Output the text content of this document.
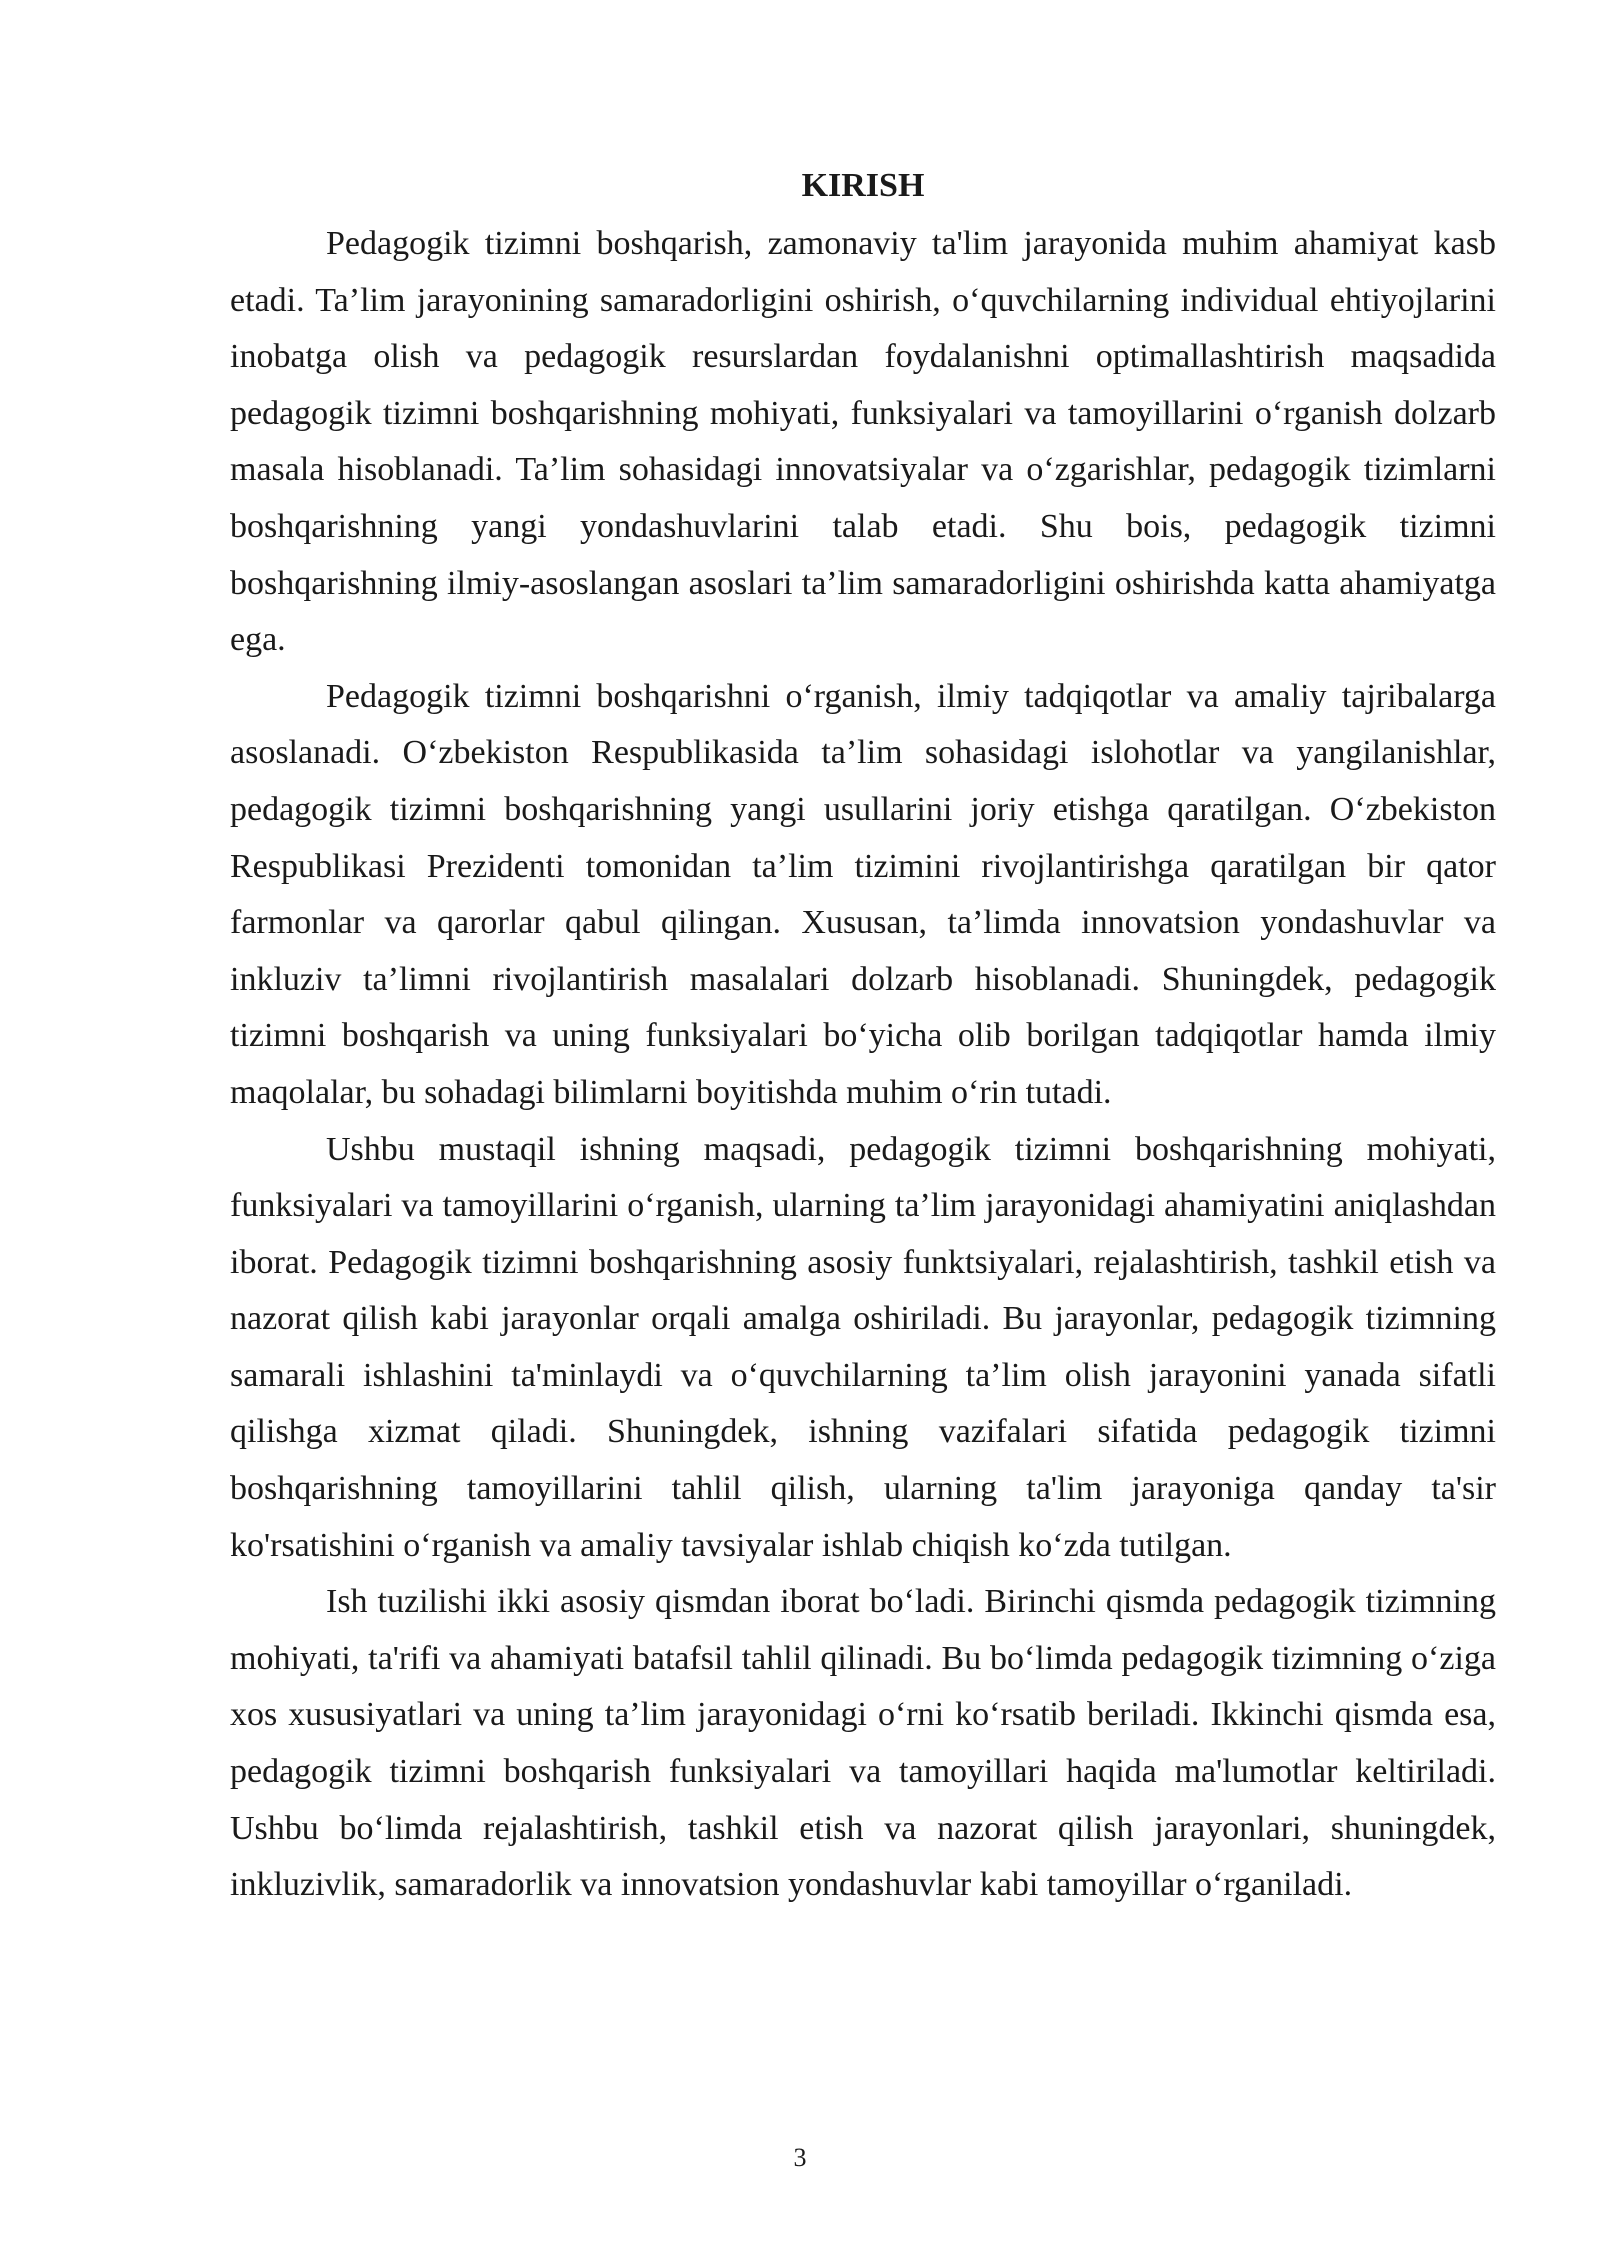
KIRISH

Pedagogik tizimni boshqarish, zamonaviy ta'lim jarayonida muhim ahamiyat kasb etadi. Ta’lim jarayonining samaradorligini oshirish, o‘quvchilarning individual ehtiyojlarini inobatga olish va pedagogik resurslardan foydalanishni optimallashtirish maqsadida pedagogik tizimni boshqarishning mohiyati, funksiyalari va tamoyillarini o‘rganish dolzarb masala hisoblanadi. Ta’lim sohasidagi innovatsiyalar va o‘zgarishlar, pedagogik tizimlarni boshqarishning yangi yondashuvlarini talab etadi. Shu bois, pedagogik tizimni boshqarishning ilmiy-asoslangan asoslari ta’lim samaradorligini oshirishda katta ahamiyatga ega.

Pedagogik tizimni boshqarishni o‘rganish, ilmiy tadqiqotlar va amaliy tajribalarga asoslanadi. O‘zbekiston Respublikasida ta’lim sohasidagi islohotlar va yangilanishlar, pedagogik tizimni boshqarishning yangi usullarini joriy etishga qaratilgan. O‘zbekiston Respublikasi Prezidenti tomonidan ta’lim tizimini rivojlantirishga qaratilgan bir qator farmonlar va qarorlar qabul qilingan. Xususan, ta’limda innovatsion yondashuvlar va inkluziv ta’limni rivojlantirish masalalari dolzarb hisoblanadi. Shuningdek, pedagogik tizimni boshqarish va uning funksiyalari bo‘yicha olib borilgan tadqiqotlar hamda ilmiy maqolalar, bu sohadagi bilimlarni boyitishda muhim o‘rin tutadi.

Ushbu mustaqil ishning maqsadi, pedagogik tizimni boshqarishning mohiyati, funksiyalari va tamoyillarini o‘rganish, ularning ta’lim jarayonidagi ahamiyatini aniqlashdan iborat. Pedagogik tizimni boshqarishning asosiy funktsiyalari, rejalashtirish, tashkil etish va nazorat qilish kabi jarayonlar orqali amalga oshiriladi. Bu jarayonlar, pedagogik tizimning samarali ishlashini ta'minlaydi va o‘quvchilarning ta’lim olish jarayonini yanada sifatli qilishga xizmat qiladi. Shuningdek, ishning vazifalari sifatida pedagogik tizimni boshqarishning tamoyillarini tahlil qilish, ularning ta'lim jarayoniga qanday ta'sir ko'rsatishini o‘rganish va amaliy tavsiyalar ishlab chiqish ko‘zda tutilgan.

Ish tuzilishi ikki asosiy qismdan iborat bo‘ladi. Birinchi qismda pedagogik tizimning mohiyati, ta'rifi va ahamiyati batafsil tahlil qilinadi. Bu bo‘limda pedagogik tizimning o‘ziga xos xususiyatlari va uning ta’lim jarayonidagi o‘rni ko‘rsatib beriladi. Ikkinchi qismda esa, pedagogik tizimni boshqarish funksiyalari va tamoyillari haqida ma'lumotlar keltiriladi. Ushbu bo‘limda rejalashtirish, tashkil etish va nazorat qilish jarayonlari, shuningdek, inkluzivlik, samaradorlik va innovatsion yondashuvlar kabi tamoyillar o‘rganiladi.

3
